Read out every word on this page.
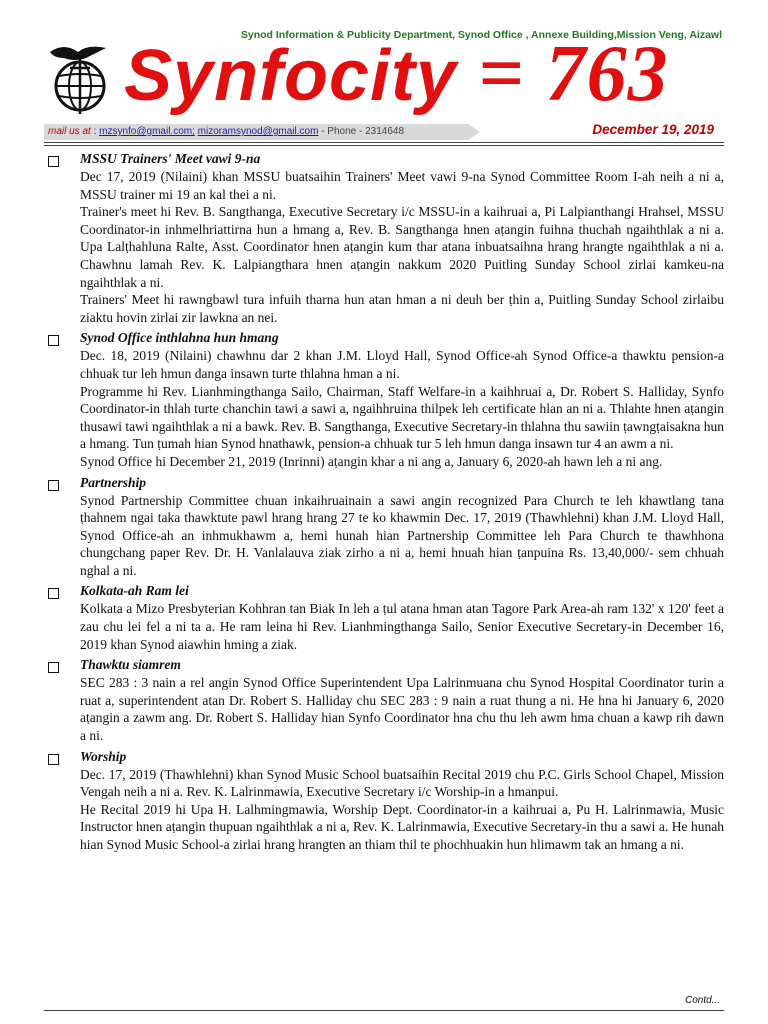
Synod Information & Publicity Department, Synod Office , Annexe Building,Mission Veng, Aizawl
Synfocity = 763
mail us at : mzsynfo@gmail.com; mizoramsynod@gmail.com - Phone - 2314648	December 19, 2019
MSSU Trainers' Meet vawi 9-na

Dec 17, 2019 (Nilaini) khan MSSU buatsaihin Trainers' Meet vawi 9-na Synod Committee Room I-ah neih a ni a, MSSU trainer mi 19 an kal thei a ni.

Trainer's meet hi Rev. B. Sangthanga, Executive Secretary i/c MSSU-in a kaihruai a, Pi Lalpianthangi Hrahsel, MSSU Coordinator-in inhmelhriattirna hun a hmang a, Rev. B. Sangthanga hnen aṭangin fuihna thuchah ngaihthlak a ni a. Upa Lalṭhahluna Ralte, Asst. Coordinator hnen aṭangin kum thar atana inbuatsaihna hrang hrangte ngaihthlak a ni a. Chawhnu lamah Rev. K. Lalpiangthara hnen aṭangin nakkum 2020 Puitling Sunday School zirlai kamkeu-na ngaihthlak a ni.

Trainers' Meet hi rawngbawl tura infuih tharna hun atan hman a ni deuh ber ṭhin a, Puitling Sunday School zirlaibu ziaktu hovin zirlai zir lawkna an nei.

Synod Office inthlahna hun hmang

Dec. 18, 2019 (Nilaini) chawhnu dar 2 khan J.M. Lloyd Hall, Synod Office-ah Synod Office-a thawktu pension-a chhuak tur leh hmun danga insawn turte thlahna hman a ni.

Programme hi Rev. Lianhmingthanga Sailo, Chairman, Staff Welfare-in a kaihhruai a, Dr. Robert S. Halliday, Synfo Coordinator-in thlah turte chanchin tawi a sawi a, ngaihhruina thilpek leh certificate hlan an ni a. Thlahte hnen aṭangin thusawi tawi ngaihthlak a ni a bawk. Rev. B. Sangthanga, Executive Secretary-in thlahna thu sawiin ṭawngṭaisakna hun a hmang. Tun ṭumah hian Synod hnathawk, pension-a chhuak tur 5 leh hmun danga insawn tur 4 an awm a ni.

Synod Office hi December 21, 2019 (Inrinni) aṭangin khar a ni ang a, January 6, 2020-ah hawn leh a ni ang.

Partnership

Synod Partnership Committee chuan inkaihruainain a sawi angin recognized Para Church te leh khawtlang tana ṭhahnem ngai taka thawktute pawl hrang hrang 27 te ko khawmin Dec. 17, 2019 (Thawhlehni) khan J.M. Lloyd Hall, Synod Office-ah an inhmukhawm a, hemi hunah hian Partnership Committee leh Para Church te thawhhona chungchang paper Rev. Dr. H. Vanlalauva ziak zirho a ni a, hemi hnuah hian ṭanpuina Rs. 13,40,000/- sem chhuah nghal a ni.

Kolkata-ah Ram lei

Kolkata a Mizo Presbyterian Kohhran tan Biak In leh a ṭul atana hman atan Tagore Park Area-ah ram 132' x 120' feet a zau chu lei fel a ni ta a. He ram leina hi Rev. Lianhmingthanga Sailo, Senior Executive Secretary-in December 16, 2019 khan Synod aiawhin hming a ziak.

Thawktu siamrem

SEC 283 : 3 nain a rel angin Synod Office Superintendent Upa Lalrinmuana chu Synod Hospital Coordinator turin a ruat a, superintendent atan Dr. Robert S. Halliday chu SEC 283 : 9 nain a ruat thung a ni. He hna hi January 6, 2020 aṭangin a zawm ang. Dr. Robert S. Halliday hian Synfo Coordinator hna chu thu leh awm hma chuan a kawp rih dawn a ni.

Worship

Dec. 17, 2019 (Thawhlehni) khan Synod Music School buatsaihin Recital 2019 chu P.C. Girls School Chapel, Mission Vengah neih a ni a. Rev. K. Lalrinmawia, Executive Secretary i/c Worship-in a hmanpui.

He Recital 2019 hi Upa H. Lalhmingmawia, Worship Dept. Coordinator-in a kaihruai a, Pu H. Lalrinmawia, Music Instructor hnen aṭangin thupuan ngaihthlak a ni a, Rev. K. Lalrinmawia, Executive Secretary-in thu a sawi a. He hunah hian Synod Music School-a zirlai hrang hrangten an thiam thil te phochhuakin hun hlimawm tak an hmang a ni.

Contd...
